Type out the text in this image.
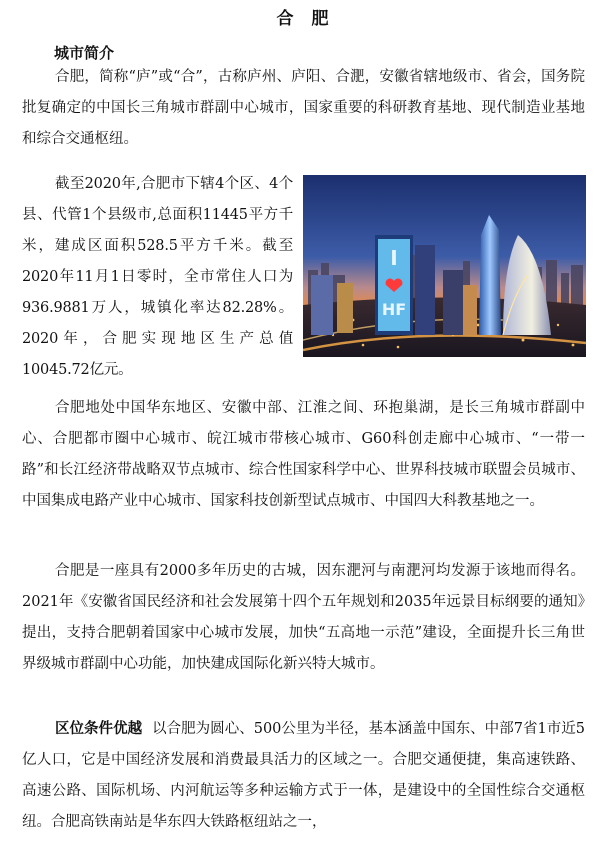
合 肥
城市简介

合肥，简称“庐”或“合”，古称庐州、庐阳、合淝，安徽省辖地级市、省会，国务院批复确定的中国长三角城市群副中心城市，国家重要的科研教育基地、现代制造业基地和综合交通枢纽。

截至2020年,合肥市下辖4个区、4个县、代管1个县级市,总面积11445平方千米，建成区面积528.5平方千米。截至2020年11月1日零时，全市常住人口为936.9881万人，城镇化率达82.28%。2020年，合肥实现地区生产总值10045.72亿元。

I
HF

合肥地处中国华东地区、安徽中部、江淮之间、环抱巢湖，是长三角城市群副中心、合肥都市圈中心城市、皖江城市带核心城市、G60科创走廊中心城市、“一带一路”和长江经济带战略双节点城市、综合性国家科学中心、世界科技城市联盟会员城市、中国集成电路产业中心城市、国家科技创新型试点城市、中国四大科教基地之一。

合肥是一座具有2000多年历史的古城，因东淝河与南淝河均发源于该地而得名。2021年《安徽省国民经济和社会发展第十四个五年规划和2035年远景目标纲要的通知》提出，支持合肥朝着国家中心城市发展，加快“五高地一示范”建设，全面提升长三角世界级城市群副中心功能，加快建成国际化新兴特大城市。

区位条件优越 以合肥为圆心、500公里为半径，基本涵盖中国东、中部7省1市近5亿人口，它是中国经济发展和消费最具活力的区域之一。合肥交通便捷，集高速铁路、高速公路、国际机场、内河航运等多种运输方式于一体，是建设中的全国性综合交通枢纽。合肥高铁南站是华东四大铁路枢纽站之一，
